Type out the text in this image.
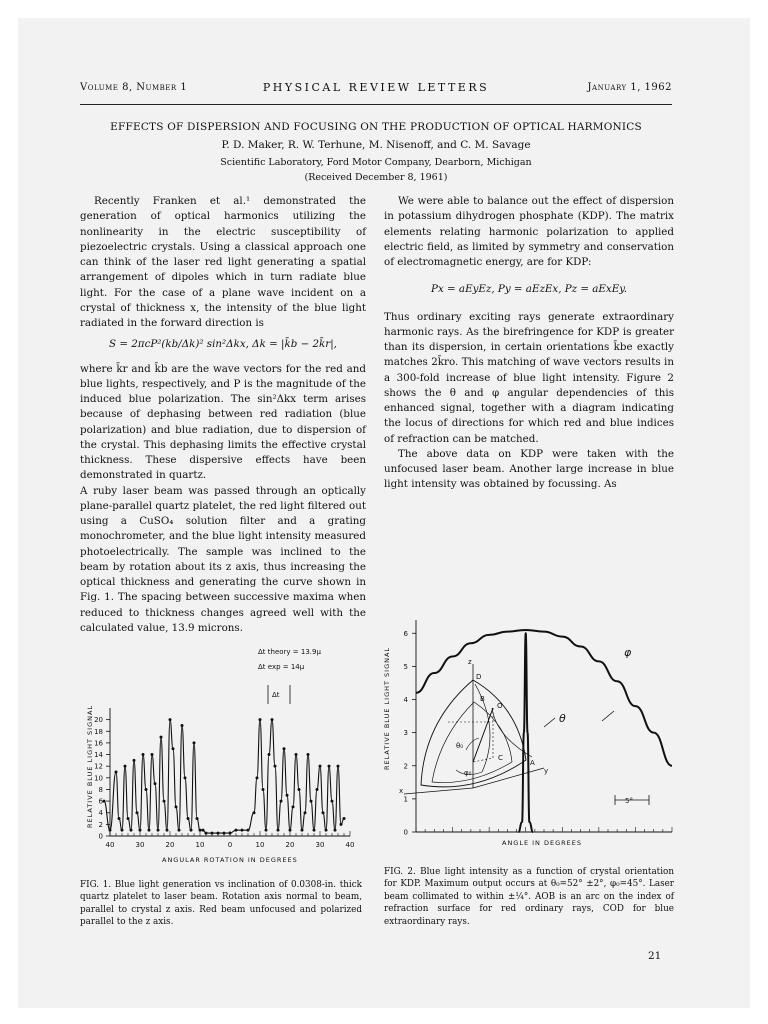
Volume 8, Number 1	PHYSICAL REVIEW LETTERS	January 1, 1962
EFFECTS OF DISPERSION AND FOCUSING ON THE PRODUCTION OF OPTICAL HARMONICS
P. D. Maker, R. W. Terhune, M. Nisenoff, and C. M. Savage
Scientific Laboratory, Ford Motor Company, Dearborn, Michigan
(Received December 8, 1961)

Recently Franken et al.¹ demonstrated the generation of optical harmonics utilizing the nonlinearity in the electric susceptibility of piezoelectric crystals. Using a classical approach one can think of the laser red light generating a spatial arrangement of dipoles which in turn radiate blue light. For the case of a plane wave incident on a crystal of thickness x, the intensity of the blue light radiated in the forward direction is

S = 2πcP²(kb/Δk)² sin²Δkx, Δk = |k̄b − 2k̄r|,

where k̄r and k̄b are the wave vectors for the red and blue lights, respectively, and P is the magnitude of the induced blue polarization. The sin²Δkx term arises because of dephasing between red radiation (blue polarization) and blue radiation, due to dispersion of the crystal. This dephasing limits the effective crystal thickness. These dispersive effects have been demonstrated in quartz.

A ruby laser beam was passed through an optically plane-parallel quartz platelet, the red light filtered out using a CuSO₄ solution filter and a grating monochrometer, and the blue light intensity measured photoelectrically. The sample was inclined to the beam by rotation about its z axis, thus increasing the optical thickness and generating the curve shown in Fig. 1. The spacing between successive maxima when reduced to thickness changes agreed well with the calculated value, 13.9 microns.

We were able to balance out the effect of dispersion in potassium dihydrogen phosphate (KDP). The matrix elements relating harmonic polarization to applied electric field, as limited by symmetry and conservation of electromagnetic energy, are for KDP:

Px = aEyEz, Py = aEzEx, Pz = aExEy.

Thus ordinary exciting rays generate extraordinary harmonic rays. As the birefringence for KDP is greater than its dispersion, in certain orientations k̄be exactly matches 2k̄ro. This matching of wave vectors results in a 300-fold increase of blue light intensity. Figure 2 shows the θ and φ angular dependencies of this enhanced signal, together with a diagram indicating the locus of directions for which red and blue indices of refraction can be matched.

The above data on KDP were taken with the unfocused laser beam. Another large increase in blue light intensity was obtained by focussing. As

Δt theory = 13.9μ
Δt exp = 14μ
Δt
RELATIVE BLUE LIGHT SIGNAL
ANGULAR ROTATION IN DEGREES
0
2
4
6
8
10
12
14
16
18
20
40	30	20	10	0	10	20	30	40
RELATIVE BLUE LIGHT SIGNAL
ANGLE IN DEGREES
0
1
2
3
4
5
6
φ
θ
5°
z
D
B
O
θ₀
φ₀
C
A
y
x
FIG. 1. Blue light generation vs inclination of 0.0308-in. thick quartz platelet to laser beam. Rotation axis normal to beam, parallel to crystal z axis. Red beam unfocused and polarized parallel to the z axis.
FIG. 2. Blue light intensity as a function of crystal orientation for KDP. Maximum output occurs at θ₀=52° ±2°, φ₀=45°. Laser beam collimated to within ±¼°. AOB is an arc on the index of refraction surface for red ordinary rays, COD for blue extraordinary rays.
21
